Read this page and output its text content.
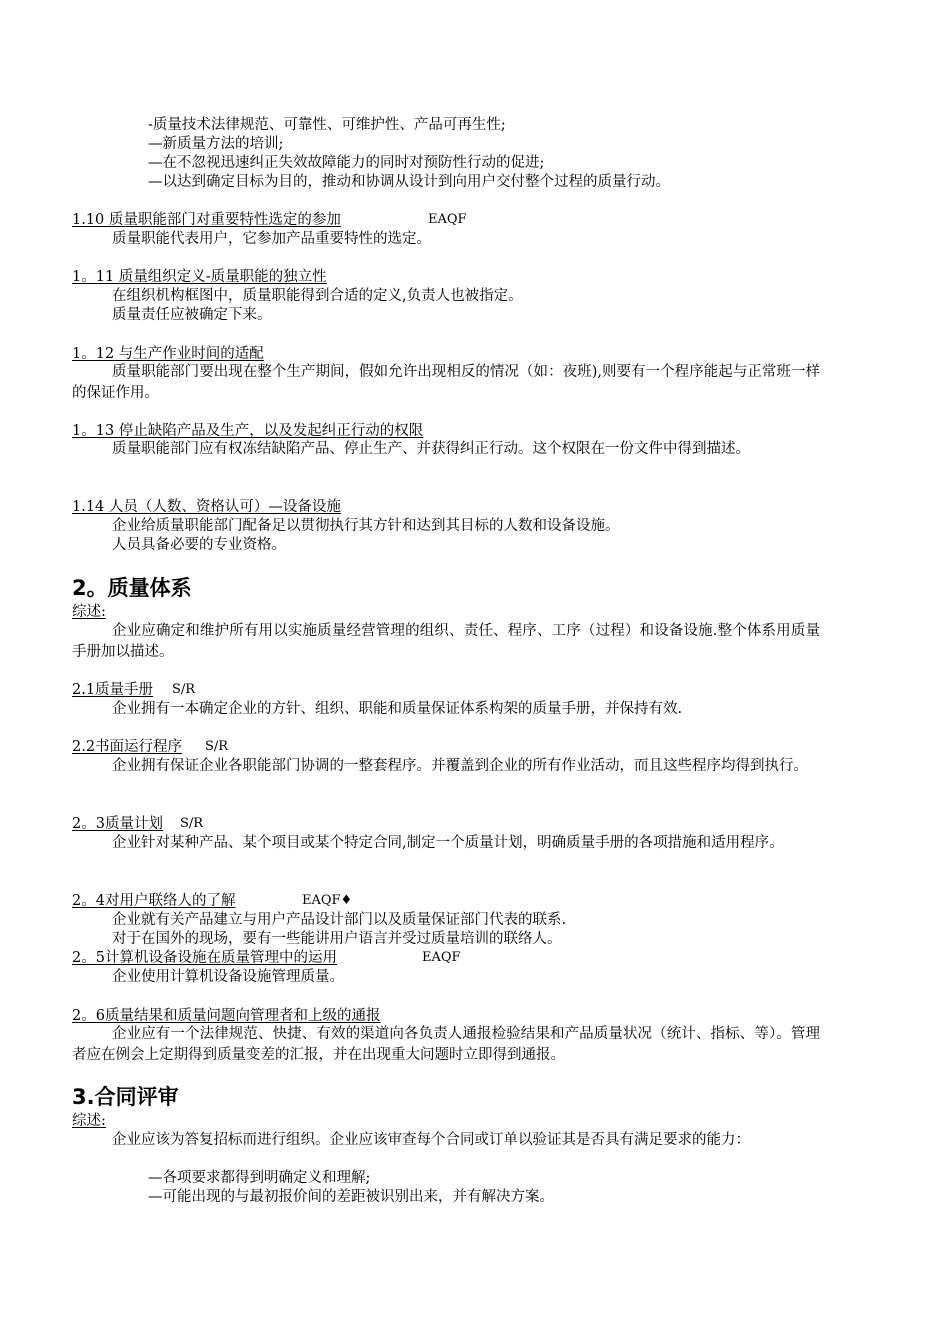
-质量技术法律规范、可靠性、可维护性、产品可再生性;
—新质量方法的培训;
—在不忽视迅速纠正失效故障能力的同时对预防性行动的促进;
—以达到确定目标为目的，推动和协调从设计到向用户交付整个过程的质量行动。
1.10 质量职能部门对重要特性选定的参加	EAQF
质量职能代表用户，它参加产品重要特性的选定。
1。11 质量组织定义-质量职能的独立性
在组织机构框图中，质量职能得到合适的定义,负责人也被指定。
质量责任应被确定下来。
1。12 与生产作业时间的适配
质量职能部门要出现在整个生产期间，假如允许出现相反的情况（如：夜班),则要有一个程序能起与正常班一样的保证作用。
1。13 停止缺陷产品及生产，以及发起纠正行动的权限
质量职能部门应有权冻结缺陷产品、停止生产、并获得纠正行动。这个权限在一份文件中得到描述。
1.14 人员（人数、资格认可）—设备设施
企业给质量职能部门配备足以贯彻执行其方针和达到其目标的人数和设备设施。
人员具备必要的专业资格。
2。质量体系
综述:
企业应确定和维护所有用以实施质量经营管理的组织、责任、程序、工序（过程）和设备设施.整个体系用质量手册加以描述。
2.1质量手册 S/R
企业拥有一本确定企业的方针、组织、职能和质量保证体系构架的质量手册，并保持有效.
2.2书面运行程序 S/R
企业拥有保证企业各职能部门协调的一整套程序。并覆盖到企业的所有作业活动，而且这些程序均得到执行。
2。3质量计划 S/R
企业针对某种产品、某个项目或某个特定合同,制定一个质量计划，明确质量手册的各项措施和适用程序。
2。4对用户联络人的了解	EAQF♦
企业就有关产品建立与用户产品设计部门以及质量保证部门代表的联系.
对于在国外的现场，要有一些能讲用户语言并受过质量培训的联络人。
2。5计算机设备设施在质量管理中的运用	EAQF
企业使用计算机设备设施管理质量。
2。6质量结果和质量问题向管理者和上级的通报
企业应有一个法律规范、快捷、有效的渠道向各负责人通报检验结果和产品质量状况（统计、指标、等）。管理者应在例会上定期得到质量变差的汇报，并在出现重大问题时立即得到通报。
3.合同评审
综述:
企业应该为答复招标而进行组织。企业应该审查每个合同或订单以验证其是否具有满足要求的能力：
—各项要求都得到明确定义和理解;
—可能出现的与最初报价间的差距被识别出来，并有解决方案。
